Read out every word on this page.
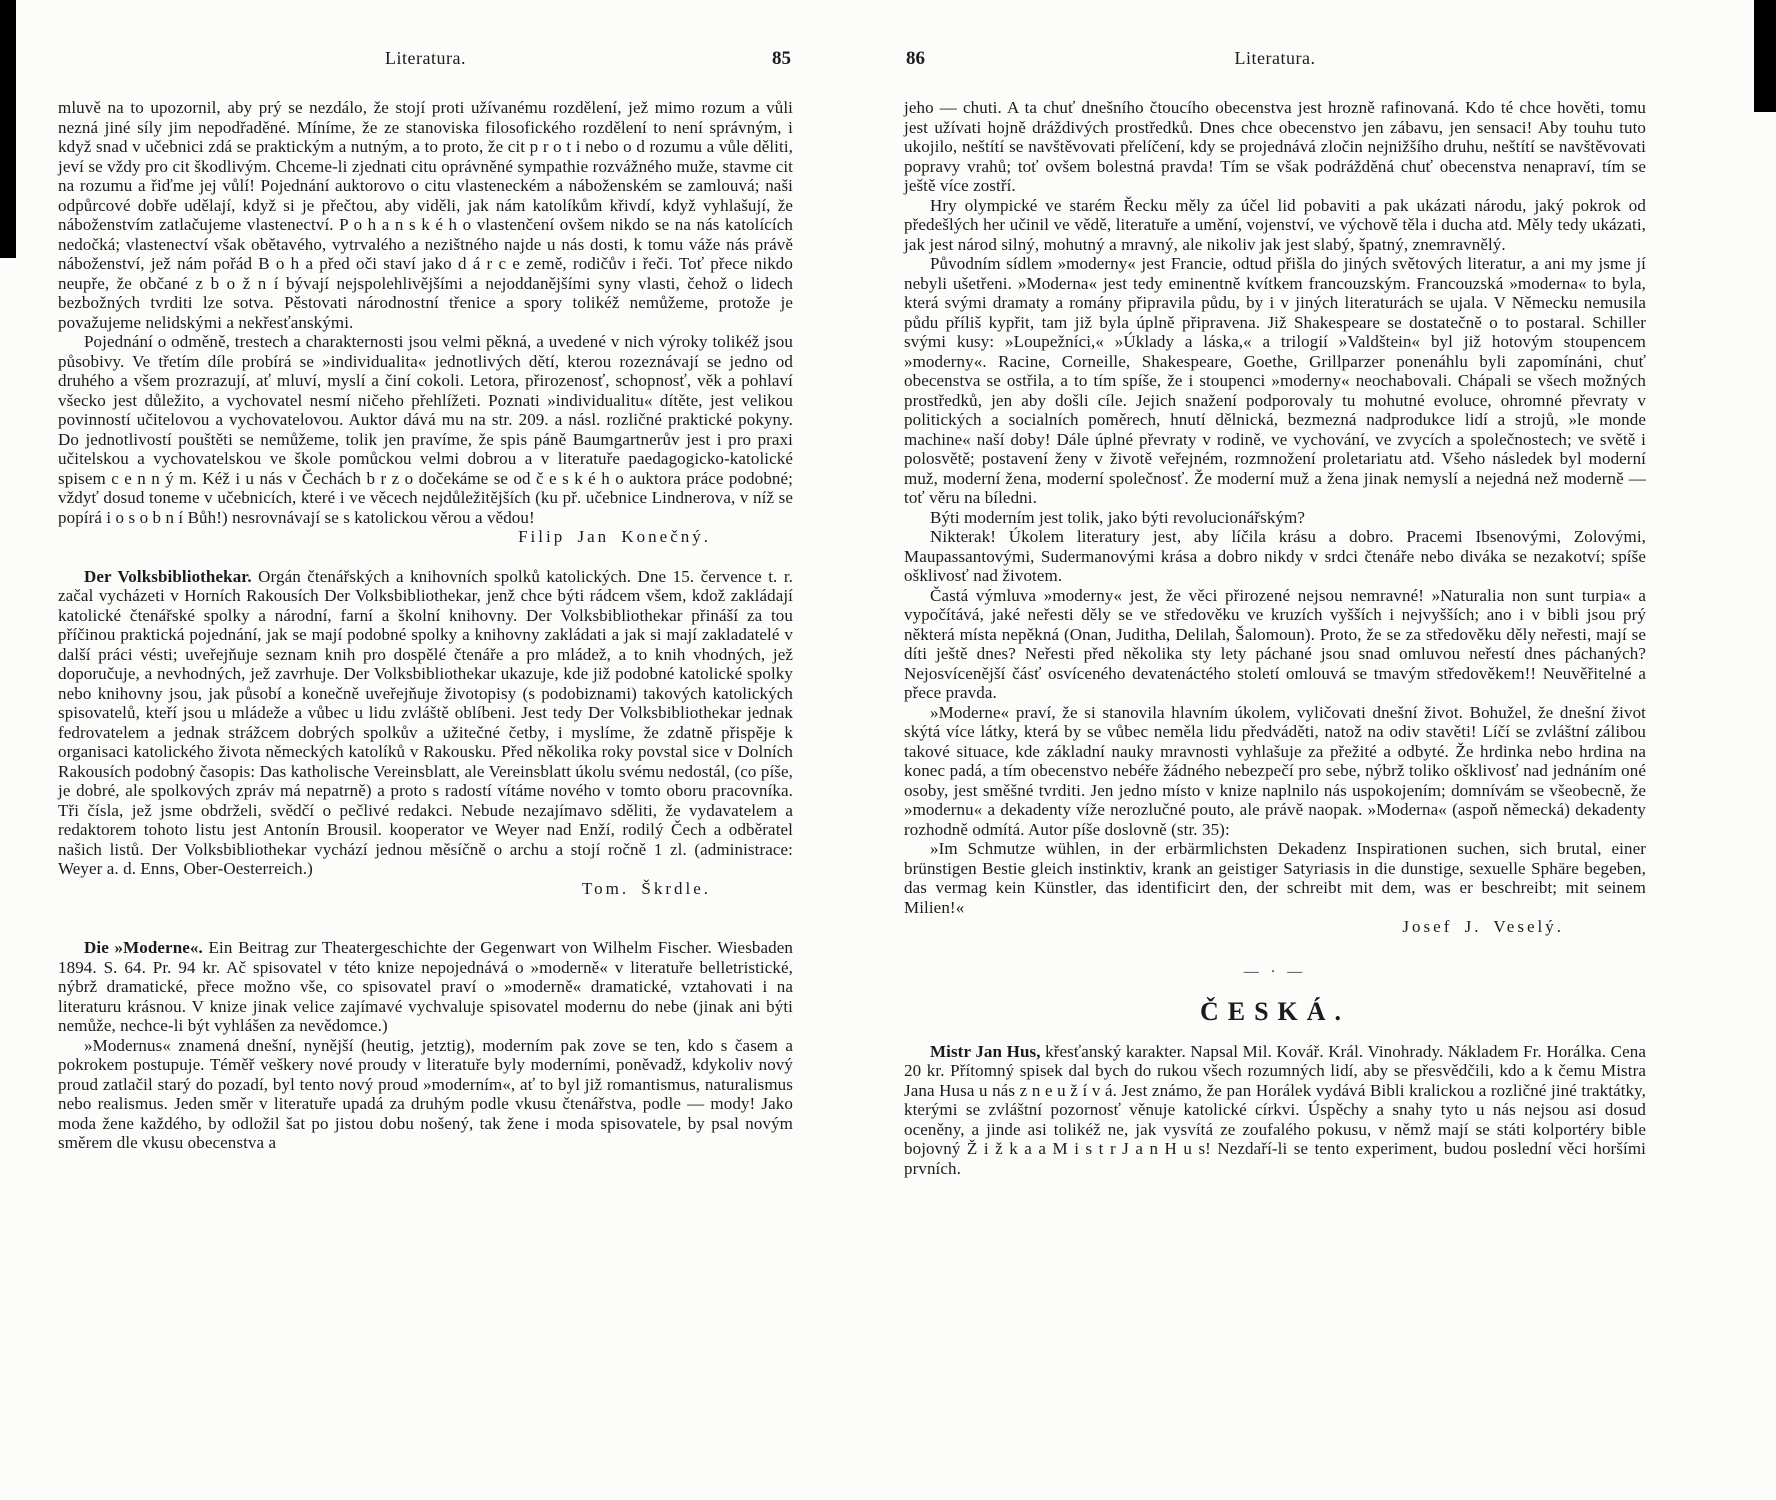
Literatura.	85

mluvě na to upozornil, aby prý se nezdálo, že stojí proti užívanému rozdělení, jež mimo rozum a vůli nezná jiné síly jim nepodřaděné. Míníme, že ze stanoviska filosofického rozdělení to není správným, i když snad v učebnici zdá se praktickým a nutným, a to proto, že cit p r o t i nebo o d rozumu a vůle děliti, jeví se vždy pro cit škodlivým. Chceme-li zjednati citu oprávněné sympathie rozvážného muže, stavme cit na rozumu a řiďme jej vůlí! Pojednání auktorovo o citu vlasteneckém a náboženském se zamlouvá; naši odpůrcové dobře udělají, když si je přečtou, aby viděli, jak nám katolíkům křivdí, když vyhlašují, že náboženstvím zatlačujeme vlastenectví. P o h a n s k é h o vlastenčení ovšem nikdo se na nás katolících nedočká; vlastenectví však obětavého, vytrvalého a nezištného najde u nás dosti, k tomu váže nás právě náboženství, jež nám pořád B o h a před oči staví jako d á r c e země, rodičův i řeči. Toť přece nikdo neupře, že občané z b o ž n í bývají nejspolehlivějšími a nejoddanějšími syny vlasti, čehož o lidech bezbožných tvrditi lze sotva. Pěstovati národnostní třenice a spory tolikéž nemůžeme, protože je považujeme nelidskými a nekřesťanskými.

Pojednání o odměně, trestech a charakternosti jsou velmi pěkná, a uvedené v nich výroky tolikéž jsou působivy. Ve třetím díle probírá se »individualita« jednotlivých dětí, kterou rozeznávají se jedno od druhého a všem prozrazují, ať mluví, myslí a činí cokoli. Letora, přirozenosť, schopnosť, věk a pohlaví všecko jest důležito, a vychovatel nesmí ničeho přehlížeti. Poznati »individualitu« dítěte, jest velikou povinností učitelovou a vychovatelovou. Auktor dává mu na str. 209. a násl. rozličné praktické pokyny. Do jednotlivostí pouštěti se nemůžeme, tolik jen pravíme, že spis páně Baumgartnerův jest i pro praxi učitelskou a vychovatelskou ve škole pomůckou velmi dobrou a v literatuře paedagogicko-katolické spisem c e n n ý m. Kéž i u nás v Čechách b r z o dočekáme se od č e s k é h o auktora práce podobné; vždyť dosud toneme v učebnicích, které i ve věcech nejdůležitějších (ku př. učebnice Lindnerova, v níž se popírá i o s o b n í Bůh!) nesrovnávají se s katolickou věrou a vědou!

Filip Jan Konečný.

Der Volksbibliothekar. Orgán čtenářských a knihovních spolků katolických. Dne 15. července t. r. začal vycházeti v Horních Rakousích Der Volksbibliothekar, jenž chce býti rádcem všem, kdož zakládají katolické čtenářské spolky a národní, farní a školní knihovny. Der Volksbibliothekar přináší za tou příčinou praktická pojednání, jak se mají podobné spolky a knihovny zakládati a jak si mají zakladatelé v další práci vésti; uveřejňuje seznam knih pro dospělé čtenáře a pro mládež, a to knih vhodných, jež doporučuje, a nevhodných, jež zavrhuje. Der Volksbibliothekar ukazuje, kde již podobné katolické spolky nebo knihovny jsou, jak působí a konečně uveřejňuje životopisy (s podobiznami) takových katolických spisovatelů, kteří jsou u mládeže a vůbec u lidu zvláště oblíbeni. Jest tedy Der Volksbibliothekar jednak fedrovatelem a jednak strážcem dobrých spolkův a užitečné četby, i myslíme, že zdatně přispěje k organisaci katolického života německých katolíků v Rakousku. Před několika roky povstal sice v Dolních Rakousích podobný časopis: Das katholische Vereinsblatt, ale Vereinsblatt úkolu svému nedostál, (co píše, je dobré, ale spolkových zpráv má nepatrně) a proto s radostí vítáme nového v tomto oboru pracovníka. Tři čísla, jež jsme obdrželi, svědčí o pečlivé redakci. Nebude nezajímavo sděliti, že vydavatelem a redaktorem tohoto listu jest Antonín Brousil. kooperator ve Weyer nad Enží, rodilý Čech a odběratel našich listů. Der Volksbibliothekar vychází jednou měsíčně o archu a stojí ročně 1 zl. (administrace: Weyer a. d. Enns, Ober-Oesterreich.)

Tom. Škrdle.

Die »Moderne«. Ein Beitrag zur Theatergeschichte der Gegenwart von Wilhelm Fischer. Wiesbaden 1894. S. 64. Pr. 94 kr. Ač spisovatel v této knize nepojednává o »moderně« v literatuře belletristické, nýbrž dramatické, přece možno vše, co spisovatel praví o »moderně« dramatické, vztahovati i na literaturu krásnou. V knize jinak velice zajímavé vychvaluje spisovatel modernu do nebe (jinak ani býti nemůže, nechce-li být vyhlášen za nevědomce.)

»Modernus« znamená dnešní, nynější (heutig, jetztig), moderním pak zove se ten, kdo s časem a pokrokem postupuje. Téměř veškery nové proudy v literatuře byly moderními, poněvadž, kdykoliv nový proud zatlačil starý do pozadí, byl tento nový proud »moderním«, ať to byl již romantismus, naturalismus nebo realismus. Jeden směr v literatuře upadá za druhým podle vkusu čtenářstva, podle — mody! Jako moda žene každého, by odložil šat po jistou dobu nošený, tak žene i moda spisovatele, by psal novým směrem dle vkusu obecenstva a

86	Literatura.

jeho — chuti. A ta chuť dnešního čtoucího obecenstva jest hrozně rafinovaná. Kdo té chce hověti, tomu jest užívati hojně dráždivých prostředků. Dnes chce obecenstvo jen zábavu, jen sensaci! Aby touhu tuto ukojilo, neštítí se navštěvovati přelíčení, kdy se projednává zločin nejnižšího druhu, neštítí se navštěvovati popravy vrahů; toť ovšem bolestná pravda! Tím se však podrážděná chuť obecenstva nenapraví, tím se ještě více zostří.

Hry olympické ve starém Řecku měly za účel lid pobaviti a pak ukázati národu, jaký pokrok od předešlých her učinil ve vědě, literatuře a umění, vojenství, ve výchově těla i ducha atd. Měly tedy ukázati, jak jest národ silný, mohutný a mravný, ale nikoliv jak jest slabý, špatný, znemravnělý.

Původním sídlem »moderny« jest Francie, odtud přišla do jiných světových literatur, a ani my jsme jí nebyli ušetřeni. »Moderna« jest tedy eminentně kvítkem francouzským. Francouzská »moderna« to byla, která svými dramaty a romány připravila půdu, by i v jiných literaturách se ujala. V Německu nemusila půdu příliš kypřit, tam již byla úplně připravena. Již Shakespeare se dostatečně o to postaral. Schiller svými kusy: »Loupežníci,« »Úklady a láska,« a trilogií »Valdštein« byl již hotovým stoupencem »moderny«. Racine, Corneille, Shakespeare, Goethe, Grillparzer ponenáhlu byli zapomínáni, chuť obecenstva se ostřila, a to tím spíše, že i stoupenci »moderny« neochabovali. Chápali se všech možných prostředků, jen aby došli cíle. Jejich snažení podporovaly tu mohutné evoluce, ohromné převraty v politických a socialních poměrech, hnutí dělnická, bezmezná nadprodukce lidí a strojů, »le monde machine« naší doby! Dále úplné převraty v rodině, ve vychování, ve zvycích a společnostech; ve světě i polosvětě; postavení ženy v životě veřejném, rozmnožení proletariatu atd. Všeho následek byl moderní muž, moderní žena, moderní společnosť. Že moderní muž a žena jinak nemyslí a nejedná než moderně — toť věru na bíledni.

Býti moderním jest tolik, jako býti revolucionářským?

Nikterak! Úkolem literatury jest, aby líčila krásu a dobro. Pracemi Ibsenovými, Zolovými, Maupassantovými, Sudermanovými krása a dobro nikdy v srdci čtenáře nebo diváka se nezakotví; spíše ošklivosť nad životem.

Častá výmluva »moderny« jest, že věci přirozené nejsou nemravné! »Naturalia non sunt turpia« a vypočítává, jaké neřesti děly se ve středověku ve kruzích vyšších i nejvyšších; ano i v bibli jsou prý některá místa nepěkná (Onan, Juditha, Delilah, Šalomoun). Proto, že se za středověku děly neřesti, mají se díti ještě dnes? Neřesti před několika sty lety páchané jsou snad omluvou neřestí dnes páchaných? Nejosvícenější čásť osvíceného devatenáctého století omlouvá se tmavým středověkem!! Neuvěřitelné a přece pravda.

»Moderne« praví, že si stanovila hlavním úkolem, vyličovati dnešní život. Bohužel, že dnešní život skýtá více látky, která by se vůbec neměla lidu předváděti, natož na odiv stavěti! Líčí se zvláštní zálibou takové situace, kde základní nauky mravnosti vyhlašuje za přežité a odbyté. Že hrdinka nebo hrdina na konec padá, a tím obecenstvo nebéře žádného nebezpečí pro sebe, nýbrž toliko ošklivosť nad jednáním oné osoby, jest směšné tvrditi. Jen jedno místo v knize naplnilo nás uspokojením; domnívám se všeobecně, že »modernu« a dekadenty víže nerozlučné pouto, ale právě naopak. »Moderna« (aspoň německá) dekadenty rozhodně odmítá. Autor píše doslovně (str. 35):

»Im Schmutze wühlen, in der erbärmlichsten Dekadenz Inspirationen suchen, sich brutal, einer brünstigen Bestie gleich instinktiv, krank an geistiger Satyriasis in die dunstige, sexuelle Sphäre begeben, das vermag kein Künstler, das identificirt den, der schreibt mit dem, was er beschreibt; mit seinem Milien!«

Josef J. Veselý.
— · —
ČESKÁ.

Mistr Jan Hus, křesťanský karakter. Napsal Mil. Kovář. Král. Vinohrady. Nákladem Fr. Horálka. Cena 20 kr. Přítomný spisek dal bych do rukou všech rozumných lidí, aby se přesvědčili, kdo a k čemu Mistra Jana Husa u nás z n e u ž í v á. Jest známo, že pan Horálek vydává Bibli kralickou a rozličné jiné traktátky, kterými se zvláštní pozornosť věnuje katolické církvi. Úspěchy a snahy tyto u nás nejsou asi dosud oceněny, a jinde asi tolikéž ne, jak vysvítá ze zoufalého pokusu, v němž mají se státi kolportéry bible bojovný Ž i ž k a a M i s t r J a n H u s! Nezdaří-li se tento experiment, budou poslední věci horšími prvních.
